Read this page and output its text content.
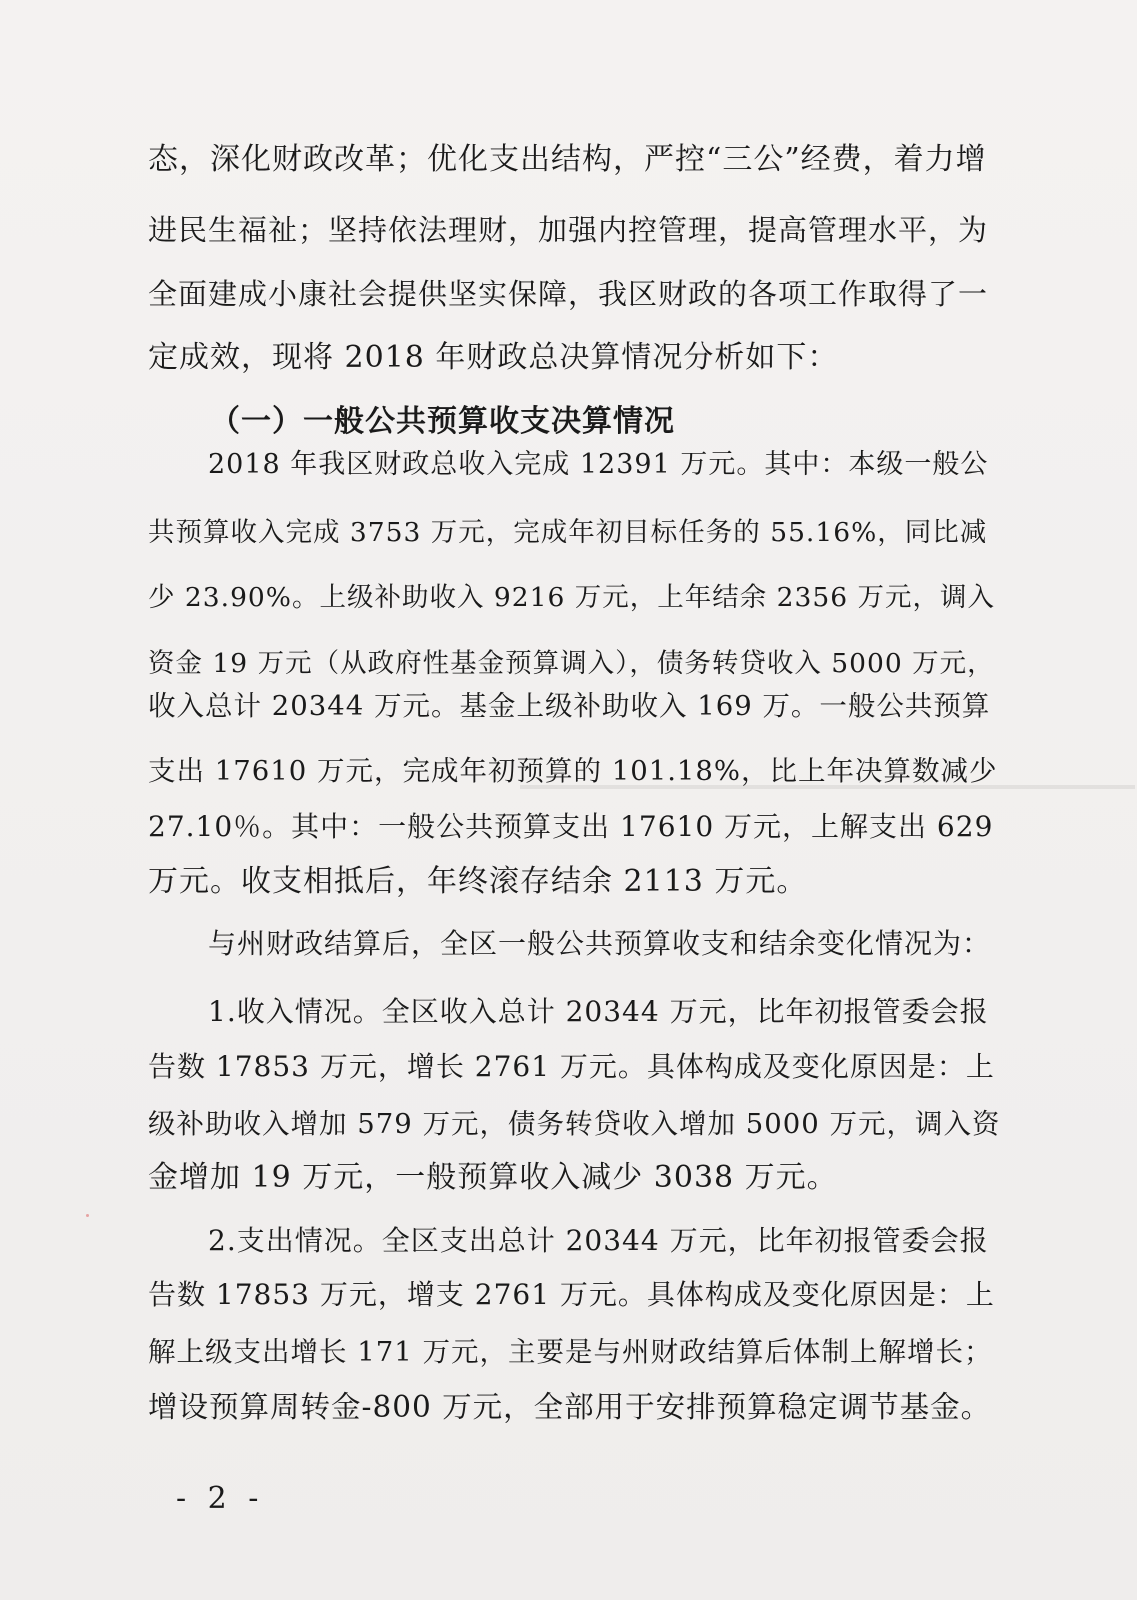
态，深化财政改革；优化支出结构，严控“三公”经费，着力增
进民生福祉；坚持依法理财，加强内控管理，提高管理水平，为
全面建成小康社会提供坚实保障，我区财政的各项工作取得了一
定成效，现将 2018 年财政总决算情况分析如下：
（一）一般公共预算收支决算情况
2018 年我区财政总收入完成 12391 万元。其中：本级一般公
共预算收入完成 3753 万元，完成年初目标任务的 55.16%，同比减
少 23.90%。上级补助收入 9216 万元，上年结余 2356 万元，调入
资金 19 万元（从政府性基金预算调入），债务转贷收入 5000 万元，
收入总计 20344 万元。基金上级补助收入 169 万。一般公共预算
支出 17610 万元，完成年初预算的 101.18%，比上年决算数减少
27.10％。其中：一般公共预算支出 17610 万元，上解支出 629
万元。收支相抵后，年终滚存结余 2113 万元。
与州财政结算后，全区一般公共预算收支和结余变化情况为：
1.收入情况。全区收入总计 20344 万元，比年初报管委会报
告数 17853 万元，增长 2761 万元。具体构成及变化原因是：上
级补助收入增加 579 万元，债务转贷收入增加 5000 万元，调入资
金增加 19 万元，一般预算收入减少 3038 万元。
2.支出情况。全区支出总计 20344 万元，比年初报管委会报
告数 17853 万元，增支 2761 万元。具体构成及变化原因是：上
解上级支出增长 171 万元，主要是与州财政结算后体制上解增长；
增设预算周转金-800 万元，全部用于安排预算稳定调节基金。
- 2 -
